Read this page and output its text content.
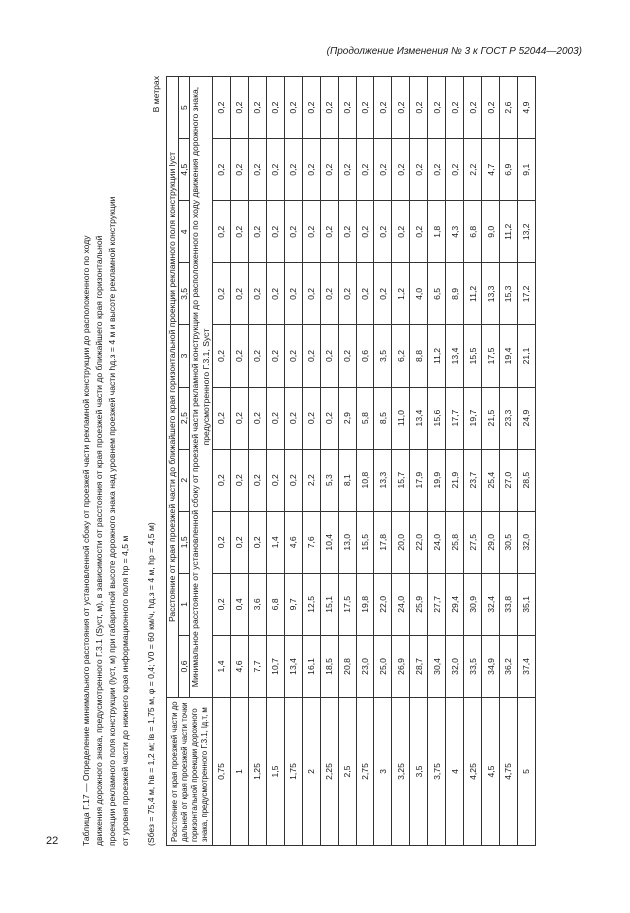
(Продолжение Изменения № 3 к ГОСТ Р 52044—2003)
22	Таблица Г.17 — Определение минимального расстояния от установленной сбоку от проезжей части рекламной конструкции до расположенного по ходу движения дорожного знака, предусмотренного Г.3.1 (Sуст, м), в зависимости от расстояния от края проезжей части до ближайшего края горизонтальной проекции рекламного поля конструкции (lуст, м) при габаритной высоте дорожного знака над уровнем проезжей части hд.з = 4 м и высоте рекламной конструкции от уровня проезжей части до нижнего края информационного поля hр = 4,5 м (Sбез = 75,4 м, hв = 1,2 м; lв = 1,75 м, φ = 0,4; V0 = 60 км/ч, hд.з = 4 м, hр = 4,5 м)
В метрах
Расстояние от края проезжей части до дальней от края проезжей части точки горизонтальной проекции дорожного знака, предусмотренного Г.3.1, lд.т, м	Расстояние от края проезжей части до ближайшего края горизонтальной проекции рекламного поля конструкции lуст									
	0,6	1	1,5	2	2,5	3	3,5	4	4,5	5
	Минимальное расстояние от установленной сбоку от проезжей части рекламной конструкции до расположенного по ходу движения дорожного знака, предусмотренного Г.3.1, Sуст									
0,75	1,4	0,2	0,2	0,2	0,2	0,2	0,2	0,2	0,2	0,2
1	4,6	0,4	0,2	0,2	0,2	0,2	0,2	0,2	0,2	0,2
1,25	7,7	3,6	0,2	0,2	0,2	0,2	0,2	0,2	0,2	0,2
1,5	10,7	6,8	1,4	0,2	0,2	0,2	0,2	0,2	0,2	0,2
1,75	13,4	9,7	4,6	0,2	0,2	0,2	0,2	0,2	0,2	0,2
2	16,1	12,5	7,6	2,2	0,2	0,2	0,2	0,2	0,2	0,2
2,25	18,5	15,1	10,4	5,3	0,2	0,2	0,2	0,2	0,2	0,2
2,5	20,8	17,5	13,0	8,1	2,9	0,2	0,2	0,2	0,2	0,2
2,75	23,0	19,8	15,5	10,8	5,8	0,6	0,2	0,2	0,2	0,2
3	25,0	22,0	17,8	13,3	8,5	3,5	0,2	0,2	0,2	0,2
3,25	26,9	24,0	20,0	15,7	11,0	6,2	1,2	0,2	0,2	0,2
3,5	28,7	25,9	22,0	17,9	13,4	8,8	4,0	0,2	0,2	0,2
3,75	30,4	27,7	24,0	19,9	15,6	11,2	6,5	1,8	0,2	0,2
4	32,0	29,4	25,8	21,9	17,7	13,4	8,9	4,3	0,2	0,2
4,25	33,5	30,9	27,5	23,7	19,7	15,5	11,2	6,8	2,2	0,2
4,5	34,9	32,4	29,0	25,4	21,5	17,5	13,3	9,0	4,7	0,2
4,75	36,2	33,8	30,5	27,0	23,3	19,4	15,3	11,2	6,9	2,6
5	37,4	35,1	32,0	28,5	24,9	21,1	17,2	13,2	9,1	4,9
